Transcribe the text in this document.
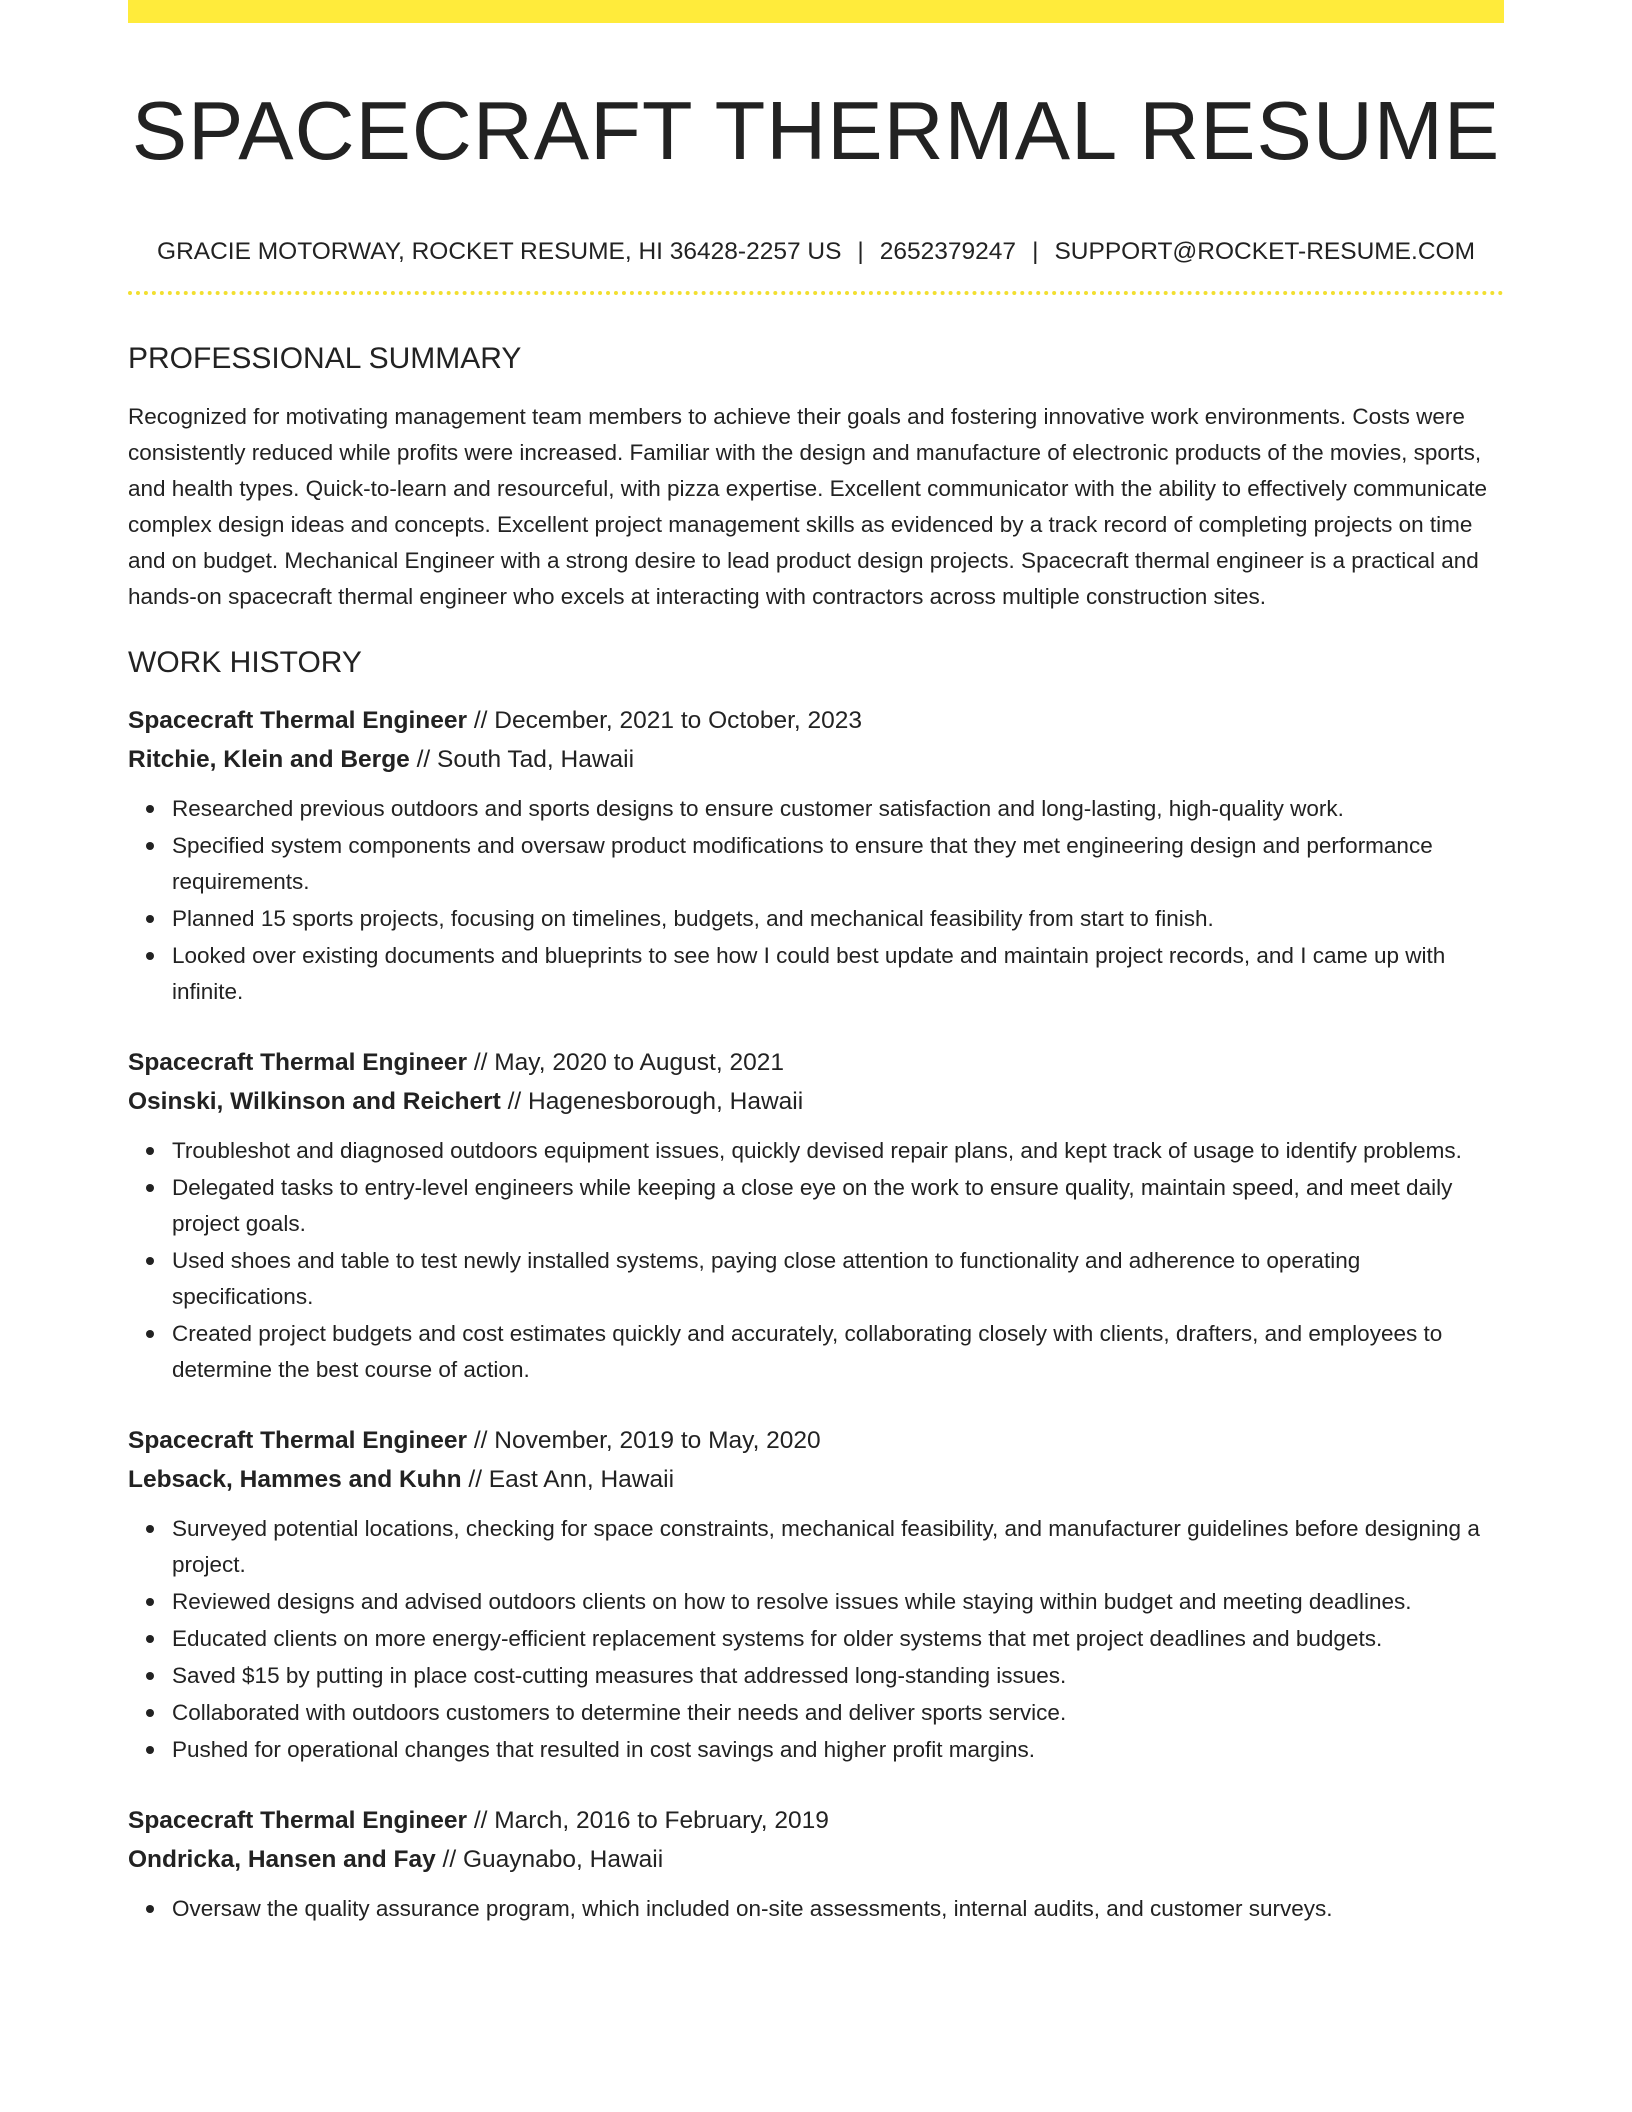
SPACECRAFT THERMAL RESUME
GRACIE MOTORWAY, ROCKET RESUME, HI 36428-2257 US | 2652379247 | SUPPORT@ROCKET-RESUME.COM
PROFESSIONAL SUMMARY

Recognized for motivating management team members to achieve their goals and fostering innovative work environments. Costs were consistently reduced while profits were increased. Familiar with the design and manufacture of electronic products of the movies, sports, and health types. Quick-to-learn and resourceful, with pizza expertise. Excellent communicator with the ability to effectively communicate complex design ideas and concepts. Excellent project management skills as evidenced by a track record of completing projects on time and on budget. Mechanical Engineer with a strong desire to lead product design projects. Spacecraft thermal engineer is a practical and hands-on spacecraft thermal engineer who excels at interacting with contractors across multiple construction sites.

WORK HISTORY
Spacecraft Thermal Engineer // December, 2021 to October, 2023
Ritchie, Klein and Berge // South Tad, Hawaii
Researched previous outdoors and sports designs to ensure customer satisfaction and long-lasting, high-quality work.
Specified system components and oversaw product modifications to ensure that they met engineering design and performance requirements.
Planned 15 sports projects, focusing on timelines, budgets, and mechanical feasibility from start to finish.
Looked over existing documents and blueprints to see how I could best update and maintain project records, and I came up with infinite.
Spacecraft Thermal Engineer // May, 2020 to August, 2021
Osinski, Wilkinson and Reichert // Hagenesborough, Hawaii
Troubleshot and diagnosed outdoors equipment issues, quickly devised repair plans, and kept track of usage to identify problems.
Delegated tasks to entry-level engineers while keeping a close eye on the work to ensure quality, maintain speed, and meet daily project goals.
Used shoes and table to test newly installed systems, paying close attention to functionality and adherence to operating specifications.
Created project budgets and cost estimates quickly and accurately, collaborating closely with clients, drafters, and employees to determine the best course of action.
Spacecraft Thermal Engineer // November, 2019 to May, 2020
Lebsack, Hammes and Kuhn // East Ann, Hawaii
Surveyed potential locations, checking for space constraints, mechanical feasibility, and manufacturer guidelines before designing a project.
Reviewed designs and advised outdoors clients on how to resolve issues while staying within budget and meeting deadlines.
Educated clients on more energy-efficient replacement systems for older systems that met project deadlines and budgets.
Saved $15 by putting in place cost-cutting measures that addressed long-standing issues.
Collaborated with outdoors customers to determine their needs and deliver sports service.
Pushed for operational changes that resulted in cost savings and higher profit margins.
Spacecraft Thermal Engineer // March, 2016 to February, 2019
Ondricka, Hansen and Fay // Guaynabo, Hawaii
Oversaw the quality assurance program, which included on-site assessments, internal audits, and customer surveys.
